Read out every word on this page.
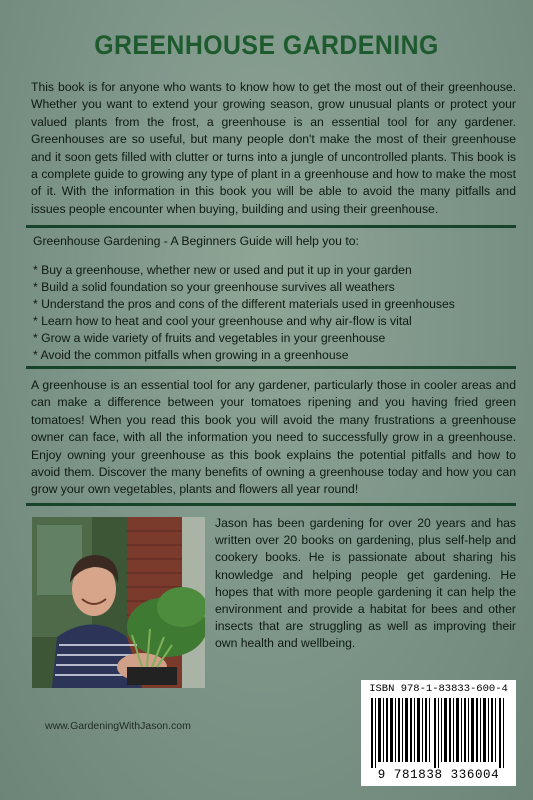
GREENHOUSE GARDENING

This book is for anyone who wants to know how to get the most out of their greenhouse. Whether you want to extend your growing season, grow unusual plants or protect your valued plants from the frost, a greenhouse is an essential tool for any gardener. Greenhouses are so useful, but many people don't make the most of their greenhouse and it soon gets filled with clutter or turns into a jungle of uncontrolled plants. This book is a complete guide to growing any type of plant in a greenhouse and how to make the most of it. With the information in this book you will be able to avoid the many pitfalls and issues people encounter when buying, building and using their greenhouse.

Greenhouse Gardening - A Beginners Guide will help you to:
* Buy a greenhouse, whether new or used and put it up in your garden
* Build a solid foundation so your greenhouse survives all weathers
* Understand the pros and cons of the different materials used in greenhouses
* Learn how to heat and cool your greenhouse and why air-flow is vital
* Grow a wide variety of fruits and vegetables in your greenhouse
* Avoid the common pitfalls when growing in a greenhouse

A greenhouse is an essential tool for any gardener, particularly those in cooler areas and can make a difference between your tomatoes ripening and you having fried green tomatoes! When you read this book you will avoid the many frustrations a greenhouse owner can face, with all the information you need to successfully grow in a greenhouse. Enjoy owning your greenhouse as this book explains the potential pitfalls and how to avoid them. Discover the many benefits of owning a greenhouse today and how you can grow your own vegetables, plants and flowers all year round!

Jason has been gardening for over 20 years and has written over 20 books on gardening, plus self-help and cookery books. He is passionate about sharing his knowledge and helping people get gardening. He hopes that with more people gardening it can help the environment and provide a habitat for bees and other insects that are struggling as well as improving their own health and wellbeing.

www.GardeningWithJason.com
ISBN 978-1-83833-600-4
9 781838 336004
